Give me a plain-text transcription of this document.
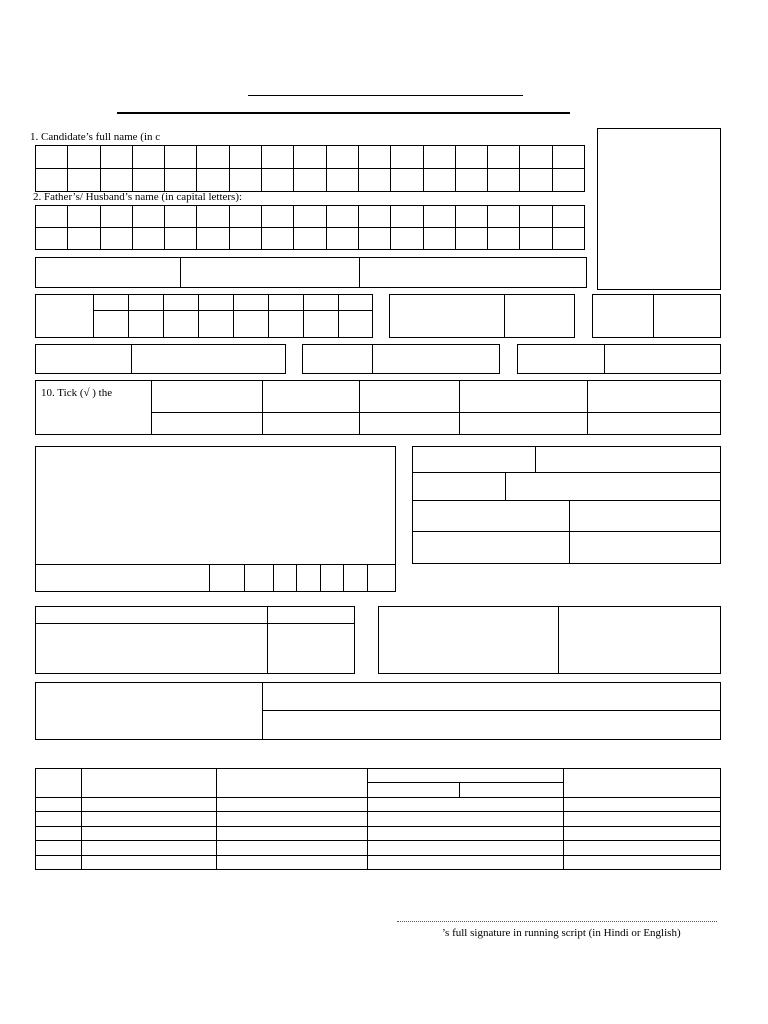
1. Candidate’s full name (in c
2. Father’s/ Husband’s name (in capital letters):
10. Tick (√ ) the
’s full signature in running script (in Hindi or English)
